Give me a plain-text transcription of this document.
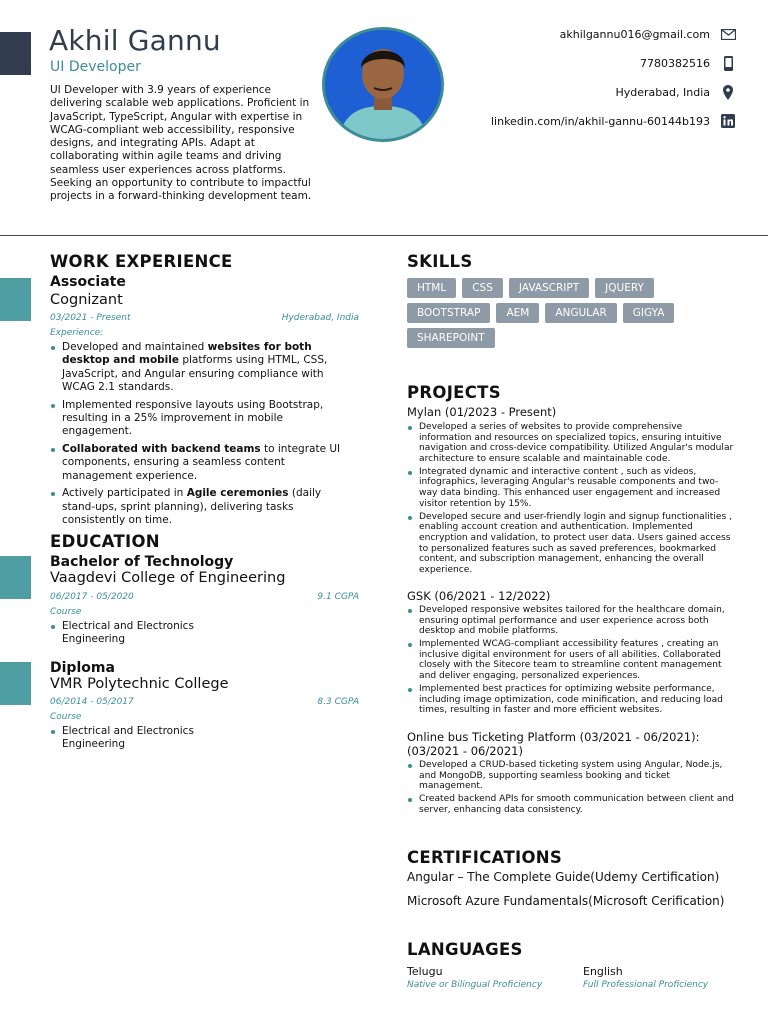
Akhil Gannu
UI Developer

UI Developer with 3.9 years of experience delivering scalable web applications. Proficient in JavaScript, TypeScript, Angular with expertise in WCAG-compliant web accessibility, responsive designs, and integrating APIs. Adapt at collaborating within agile teams and driving seamless user experiences across platforms. Seeking an opportunity to contribute to impactful projects in a forward-thinking development team.

akhilgannu016@gmail.com
7780382516
Hyderabad, India
linkedin.com/in/akhil-gannu-60144b193
WORK EXPERIENCE
Associate
Cognizant
03/2021 - Present	Hyderabad, India
Experience:
Developed and maintained websites for both desktop and mobile platforms using HTML, CSS, JavaScript, and Angular ensuring compliance with WCAG 2.1 standards.
Implemented responsive layouts using Bootstrap, resulting in a 25% improvement in mobile engagement.
Collaborated with backend teams to integrate UI components, ensuring a seamless content management experience.
Actively participated in Agile ceremonies (daily stand-ups, sprint planning), delivering tasks consistently on time.
EDUCATION
Bachelor of Technology
Vaagdevi College of Engineering
06/2017 - 05/2020	9.1 CGPA
Course
Electrical and Electronics Engineering
Diploma
VMR Polytechnic College
06/2014 - 05/2017	8.3 CGPA
Course
Electrical and Electronics Engineering
SKILLS
HTML	CSS	JAVASCRIPT	JQUERY
BOOTSTRAP	AEM	ANGULAR	GIGYA
SHAREPOINT
PROJECTS
Mylan (01/2023 - Present)
Developed a series of websites to provide comprehensive information and resources on specialized topics, ensuring intuitive navigation and cross-device compatibility. Utilized Angular's modular architecture to ensure scalable and maintainable code.
Integrated dynamic and interactive content , such as videos, infographics, leveraging Angular's reusable components and two-way data binding. This enhanced user engagement and increased visitor retention by 15%.
Developed secure and user-friendly login and signup functionalities , enabling account creation and authentication. Implemented encryption and validation, to protect user data. Users gained access to personalized features such as saved preferences, bookmarked content, and subscription management, enhancing the overall experience.
GSK (06/2021 - 12/2022)
Developed responsive websites tailored for the healthcare domain, ensuring optimal performance and user experience across both desktop and mobile platforms.
Implemented WCAG-compliant accessibility features , creating an inclusive digital environment for users of all abilities. Collaborated closely with the Sitecore team to streamline content management and deliver engaging, personalized experiences.
Implemented best practices for optimizing website performance, including image optimization, code minification, and reducing load times, resulting in faster and more efficient websites.
Online bus Ticketing Platform (03/2021 - 06/2021): (03/2021 - 06/2021)
Developed a CRUD-based ticketing system using Angular, Node.js, and MongoDB, supporting seamless booking and ticket management.
Created backend APIs for smooth communication between client and server, enhancing data consistency.
CERTIFICATIONS
Angular – The Complete Guide(Udemy Certification)
Microsoft Azure Fundamentals(Microsoft Cerification)
LANGUAGES
Telugu
Native or Bilingual Proficiency
English
Full Professional Proficiency
